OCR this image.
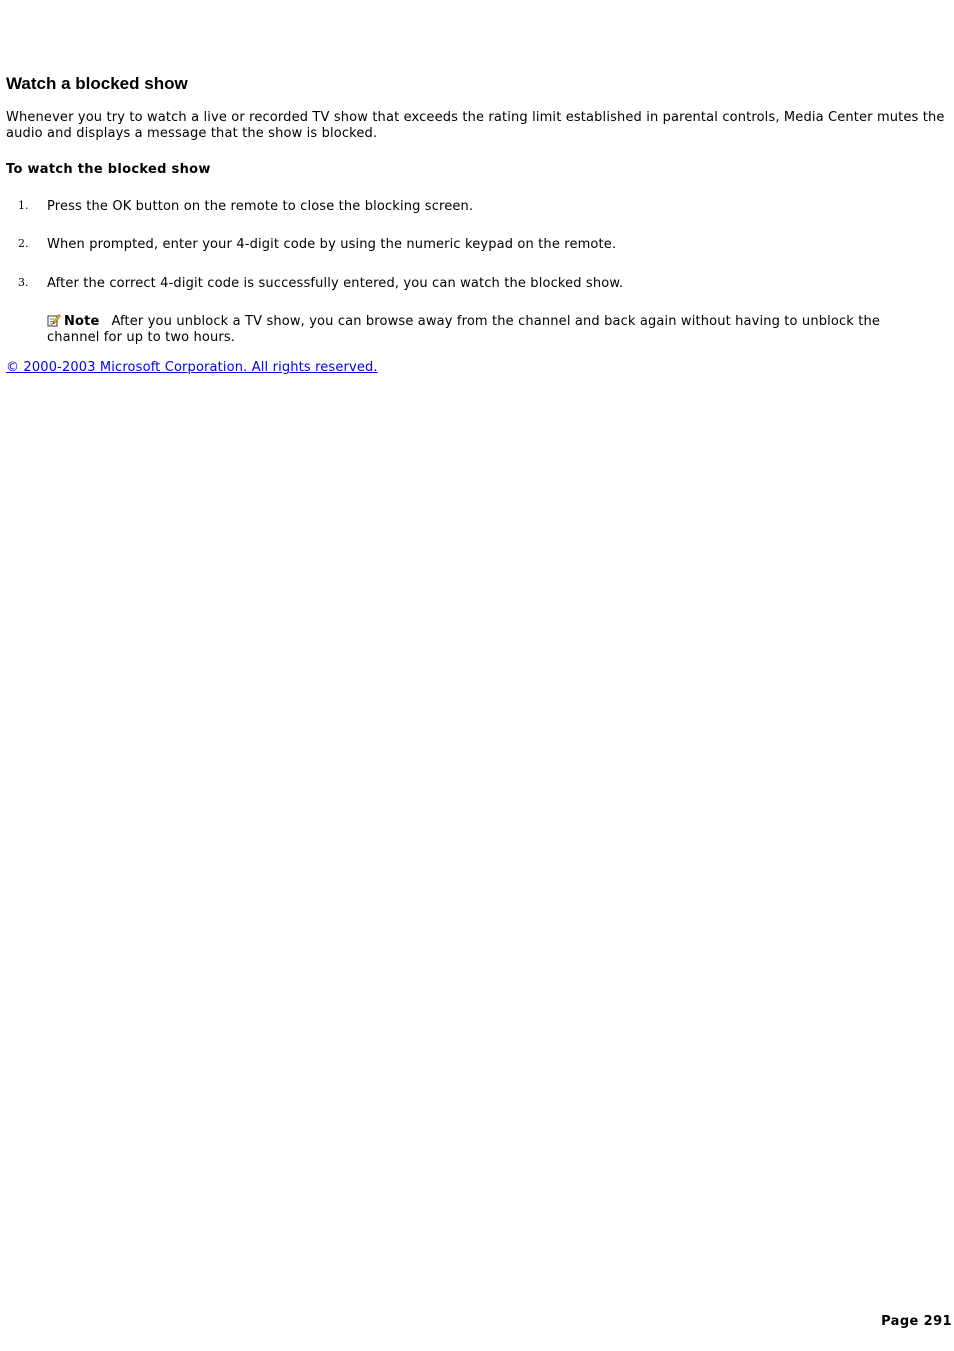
Watch a blocked show

Whenever you try to watch a live or recorded TV show that exceeds the rating limit established in parental controls, Media Center mutes the audio and displays a message that the show is blocked.

To watch the blocked show
1. Press the OK button on the remote to close the blocking screen.
2. When prompted, enter your 4-digit code by using the numeric keypad on the remote.
3. After the correct 4-digit code is successfully entered, you can watch the blocked show.

Note After you unblock a TV show, you can browse away from the channel and back again without having to unblock the channel for up to two hours.

© 2000-2003 Microsoft Corporation. All rights reserved.
Page 291
